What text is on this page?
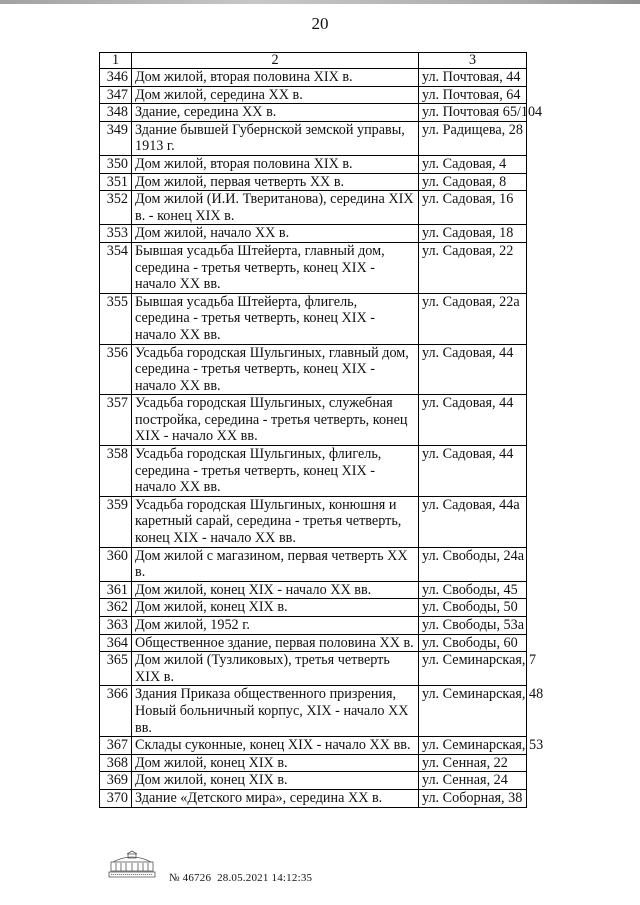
20
1	2	3
346	Дом жилой, вторая половина XIX в.	ул. Почтовая, 44
347	Дом жилой, середина XX в.	ул. Почтовая, 64
348	Здание, середина XX в.	ул. Почтовая 65/104
349	Здание бывшей Губернской земской управы, 1913 г.	ул. Радищева, 28
350	Дом жилой, вторая половина XIX в.	ул. Садовая, 4
351	Дом жилой, первая четверть XX в.	ул. Садовая, 8
352	Дом жилой (И.И. Твеританова), середина XIX в. - конец XIX в.	ул. Садовая, 16
353	Дом жилой, начало XX в.	ул. Садовая, 18
354	Бывшая усадьба Штейерта, главный дом, середина - третья четверть, конец XIX - начало XX вв.	ул. Садовая, 22
355	Бывшая усадьба Штейерта, флигель, середина - третья четверть, конец XIX - начало XX вв.	ул. Садовая, 22а
356	Усадьба городская Шульгиных, главный дом, середина - третья четверть, конец XIX - начало XX вв.	ул. Садовая, 44
357	Усадьба городская Шульгиных, служебная постройка, середина - третья четверть, конец XIX - начало XX вв.	ул. Садовая, 44
358	Усадьба городская Шульгиных, флигель, середина - третья четверть, конец XIX - начало XX вв.	ул. Садовая, 44
359	Усадьба городская Шульгиных, конюшня и каретный сарай, середина - третья четверть, конец XIX - начало XX вв.	ул. Садовая, 44а
360	Дом жилой с магазином, первая четверть XX в.	ул. Свободы, 24а
361	Дом жилой, конец XIX - начало XX вв.	ул. Свободы, 45
362	Дом жилой, конец XIX в.	ул. Свободы, 50
363	Дом жилой, 1952 г.	ул. Свободы, 53а
364	Общественное здание, первая половина XX в.	ул. Свободы, 60
365	Дом жилой (Тузликовых), третья четверть XIX в.	ул. Семинарская, 7
366	Здания Приказа общественного призрения, Новый больничный корпус, XIX - начало XX вв.	ул. Семинарская, 48
367	Склады суконные, конец XIX - начало XX вв.	ул. Семинарская, 53
368	Дом жилой, конец XIX в.	ул. Сенная, 22
369	Дом жилой, конец XIX в.	ул. Сенная, 24
370	Здание «Детского мира», середина XX в.	ул. Соборная, 38
№ 46726 28.05.2021 14:12:35
